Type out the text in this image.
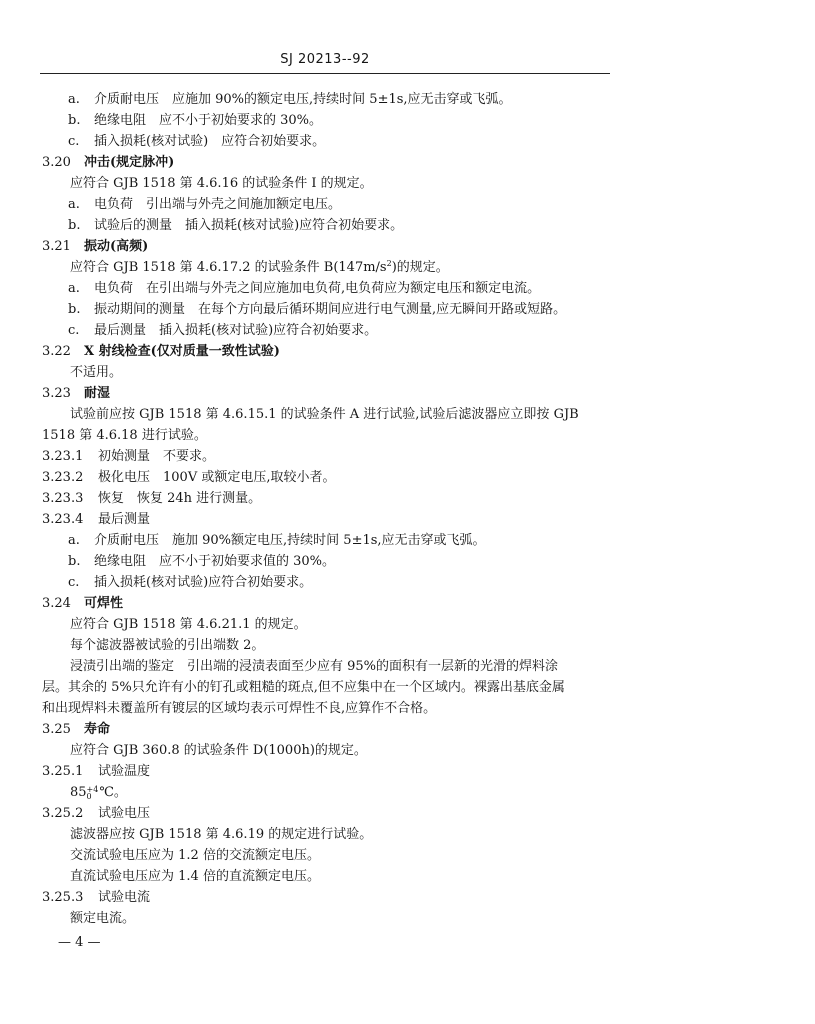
SJ 20213--92
a. 介质耐电压　应施加 90%的额定电压,持续时间 5±1s,应无击穿或飞弧。
b. 绝缘电阻　应不小于初始要求的 30%。
c. 插入损耗(核对试验)　应符合初始要求。
3.20 冲击(规定脉冲)
应符合 GJB 1518 第 4.6.16 的试验条件 I 的规定。
a. 电负荷　引出端与外壳之间施加额定电压。
b. 试验后的测量　插入损耗(核对试验)应符合初始要求。
3.21 振动(高频)
应符合 GJB 1518 第 4.6.17.2 的试验条件 $B(147m/s^2)$的规定。
a. 电负荷　在引出端与外壳之间应施加电负荷,电负荷应为额定电压和额定电流。
b. 振动期间的测量　在每个方向最后循环期间应进行电气测量,应无瞬间开路或短路。
c. 最后测量　插入损耗(核对试验)应符合初始要求。
3.22 X 射线检查(仅对质量一致性试验)
不适用。
3.23 耐湿
试验前应按 GJB 1518 第 4.6.15.1 的试验条件 A 进行试验,试验后滤波器应立即按 GJB
1518 第 4.6.18 进行试验。
3.23.1 初始测量　不要求。
3.23.2 极化电压　100V 或额定电压,取较小者。
3.23.3 恢复　恢复 24h 进行测量。
3.23.4 最后测量
a. 介质耐电压　施加 90%额定电压,持续时间 5±1s,应无击穿或飞弧。
b. 绝缘电阻　应不小于初始要求值的 30%。
c. 插入损耗(核对试验)应符合初始要求。
3.24 可焊性
应符合 GJB 1518 第 4.6.21.1 的规定。
每个滤波器被试验的引出端数 2。
浸渍引出端的鉴定　引出端的浸渍表面至少应有 95%的面积有一层新的光滑的焊料涂
层。其余的 5%只允许有小的钉孔或粗糙的斑点,但不应集中在一个区域内。裸露出基底金属
和出现焊料未覆盖所有镀层的区域均表示可焊性不良,应算作不合格。
3.25 寿命
应符合 GJB 360.8 的试验条件 D(1000h)的规定。
3.25.1 试验温度
85+4
0 ℃。
3.25.2 试验电压
滤波器应按 GJB 1518 第 4.6.19 的规定进行试验。
交流试验电压应为 1.2 倍的交流额定电压。
直流试验电压应为 1.4 倍的直流额定电压。
3.25.3 试验电流
额定电流。
— 4 —
